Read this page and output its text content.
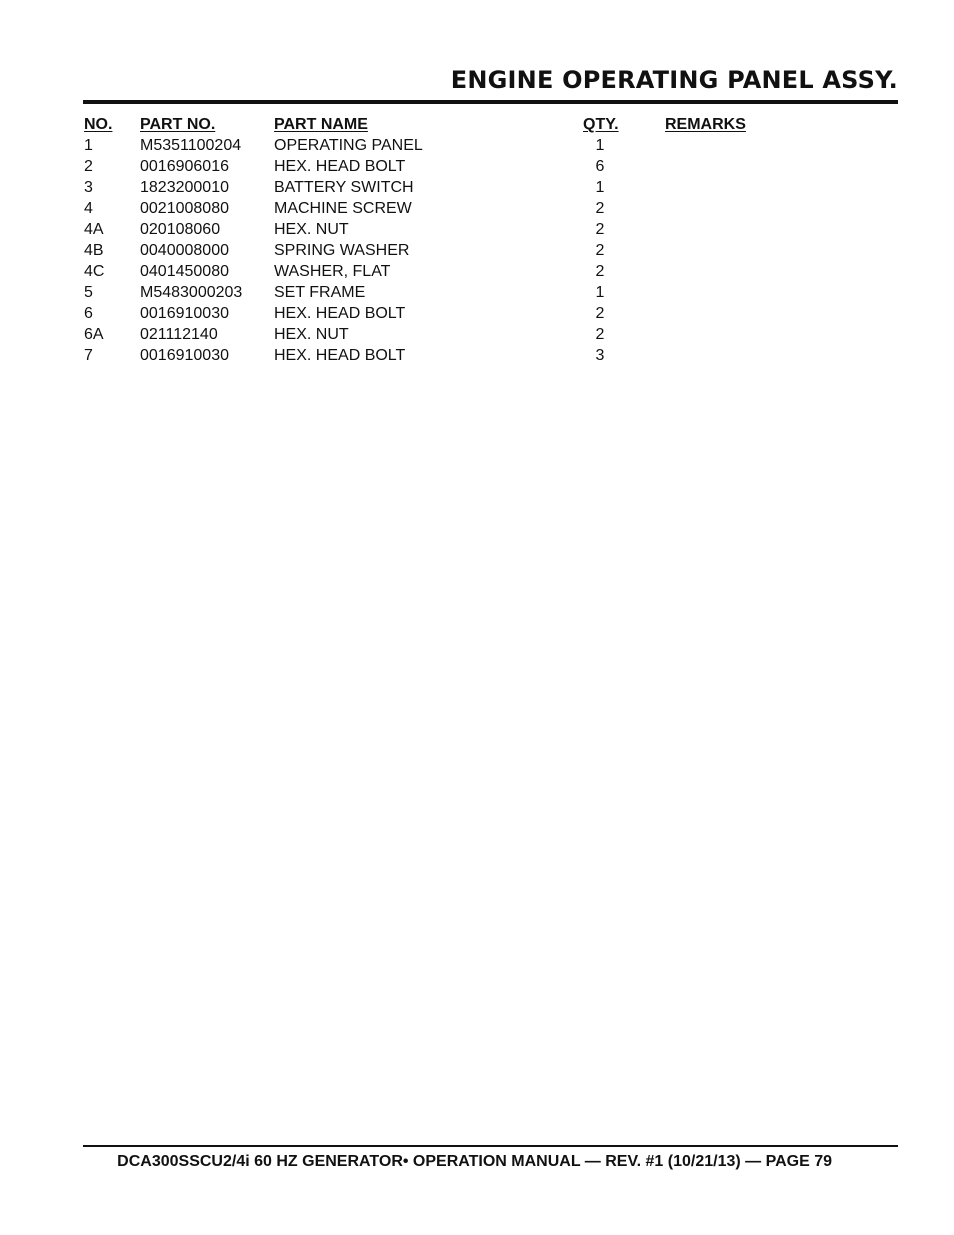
ENGINE OPERATING PANEL ASSY.
NO. PART NO.	PART NAME	QTY.	REMARKS
1	M5351100204 OPERATING PANEL	1
2	0016906016	HEX. HEAD BOLT	6
3	1823200010	BATTERY SWITCH	1
4	0021008080	MACHINE SCREW	2
4A 020108060	HEX. NUT	2
4B 0040008000	SPRING WASHER	2
4C 0401450080	WASHER, FLAT	2
5	M5483000203 SET FRAME	1
6	0016910030	HEX. HEAD BOLT	2
6A 021112140	HEX. NUT	2
7	0016910030	HEX. HEAD BOLT	3

DCA300SSCU2/4i 60 HZ GENERATOR• OPERATION MANUAL — REV. #1 (10/21/13) — PAGE 79
